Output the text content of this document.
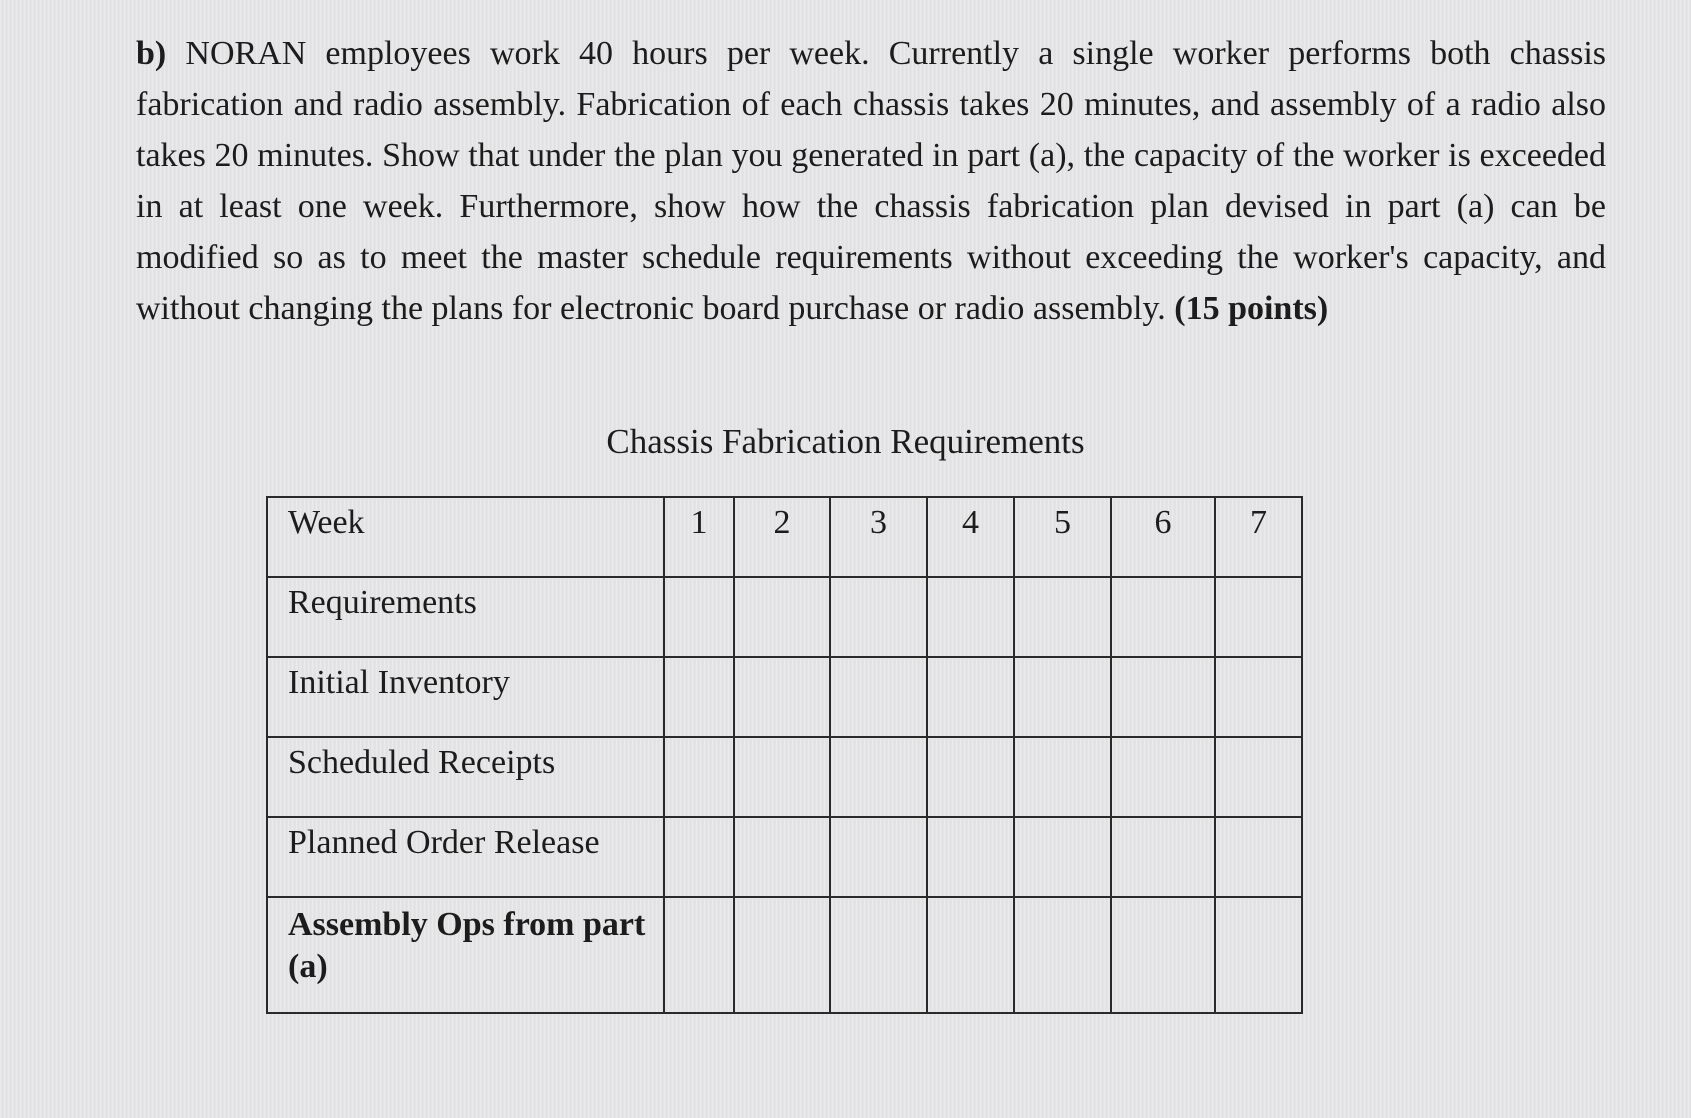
b) NORAN employees work 40 hours per week. Currently a single worker performs both chassis fabrication and radio assembly. Fabrication of each chassis takes 20 minutes, and assembly of a radio also takes 20 minutes. Show that under the plan you generated in part (a), the capacity of the worker is exceeded in at least one week. Furthermore, show how the chassis fabrication plan devised in part (a) can be modified so as to meet the master schedule requirements without exceeding the worker's capacity, and without changing the plans for electronic board purchase or radio assembly. (15 points)
Chassis Fabrication Requirements
Week	1	2	3	4	5	6	7
Requirements							
Initial Inventory							
Scheduled Receipts							
Planned Order Release							
Assembly Ops from part (a)							
